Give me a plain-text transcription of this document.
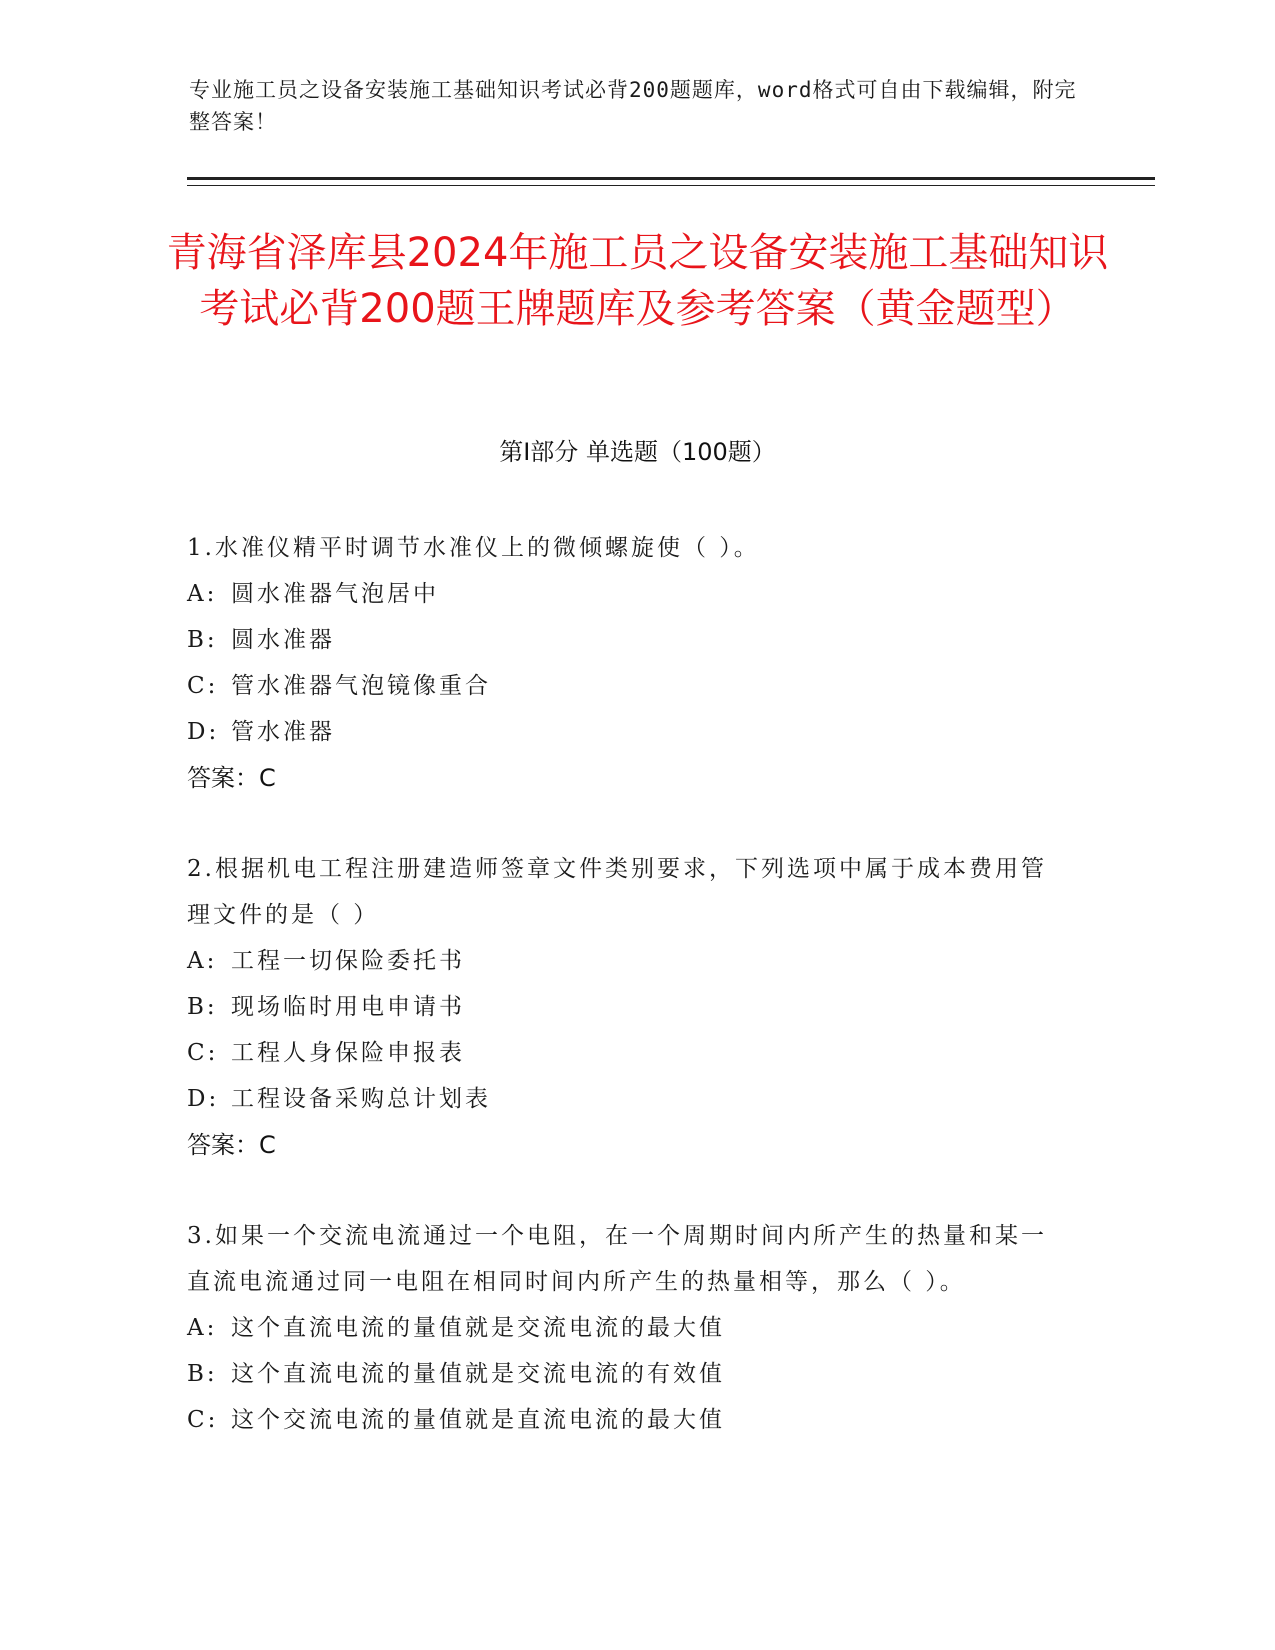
专业施工员之设备安装施工基础知识考试必背200题题库，word格式可自由下载编辑，附完整答案！
青海省泽库县2024年施工员之设备安装施工基础知识考试必背200题王牌题库及参考答案（黄金题型）
第Ⅰ部分 单选题（100题）

1.水准仪精平时调节水准仪上的微倾螺旋使（ ）。

A: 圆水准器气泡居中

B: 圆水准器

C: 管水准器气泡镜像重合

D: 管水准器

答案：C

2.根据机电工程注册建造师签章文件类别要求，下列选项中属于成本费用管理文件的是（ ）

A: 工程一切保险委托书

B: 现场临时用电申请书

C: 工程人身保险申报表

D: 工程设备采购总计划表

答案：C

3.如果一个交流电流通过一个电阻，在一个周期时间内所产生的热量和某一直流电流通过同一电阻在相同时间内所产生的热量相等，那么（ ）。

A: 这个直流电流的量值就是交流电流的最大值

B: 这个直流电流的量值就是交流电流的有效值

C: 这个交流电流的量值就是直流电流的最大值
